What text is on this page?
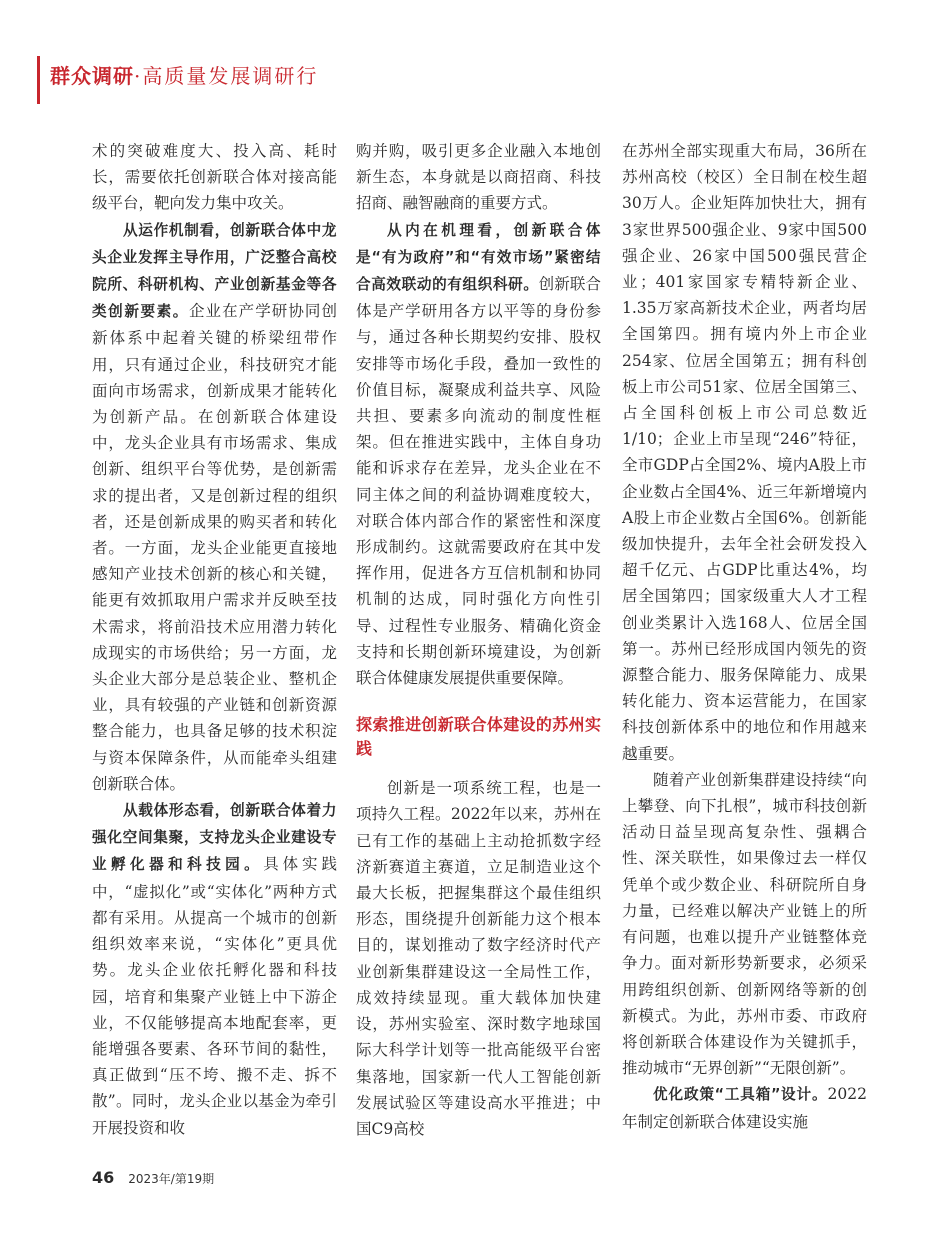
群众调研·高质量发展调研行

术的突破难度大、投入高、耗时长，需要依托创新联合体对接高能级平台，靶向发力集中攻关。

从运作机制看，创新联合体中龙头企业发挥主导作用，广泛整合高校院所、科研机构、产业创新基金等各类创新要素。企业在产学研协同创新体系中起着关键的桥梁纽带作用，只有通过企业，科技研究才能面向市场需求，创新成果才能转化为创新产品。在创新联合体建设中，龙头企业具有市场需求、集成创新、组织平台等优势，是创新需求的提出者，又是创新过程的组织者，还是创新成果的购买者和转化者。一方面，龙头企业能更直接地感知产业技术创新的核心和关键，能更有效抓取用户需求并反映至技术需求，将前沿技术应用潜力转化成现实的市场供给；另一方面，龙头企业大部分是总装企业、整机企业，具有较强的产业链和创新资源整合能力，也具备足够的技术积淀与资本保障条件，从而能牵头组建创新联合体。

从载体形态看，创新联合体着力强化空间集聚，支持龙头企业建设专业孵化器和科技园。具体实践中，“虚拟化”或“实体化”两种方式都有采用。从提高一个城市的创新组织效率来说，“实体化”更具优势。龙头企业依托孵化器和科技园，培育和集聚产业链上中下游企业，不仅能够提高本地配套率，更能增强各要素、各环节间的黏性，真正做到“压不垮、搬不走、拆不散”。同时，龙头企业以基金为牵引开展投资和收

购并购，吸引更多企业融入本地创新生态，本身就是以商招商、科技招商、融智融商的重要方式。

从内在机理看，创新联合体是“有为政府”和“有效市场”紧密结合高效联动的有组织科研。创新联合体是产学研用各方以平等的身份参与，通过各种长期契约安排、股权安排等市场化手段，叠加一致性的价值目标，凝聚成利益共享、风险共担、要素多向流动的制度性框架。但在推进实践中，主体自身功能和诉求存在差异，龙头企业在不同主体之间的利益协调难度较大，对联合体内部合作的紧密性和深度形成制约。这就需要政府在其中发挥作用，促进各方互信机制和协同机制的达成，同时强化方向性引导、过程性专业服务、精确化资金支持和长期创新环境建设，为创新联合体健康发展提供重要保障。

探索推进创新联合体建设的苏州实践

创新是一项系统工程，也是一项持久工程。2022年以来，苏州在已有工作的基础上主动抢抓数字经济新赛道主赛道，立足制造业这个最大长板，把握集群这个最佳组织形态，围绕提升创新能力这个根本目的，谋划推动了数字经济时代产业创新集群建设这一全局性工作，成效持续显现。重大载体加快建设，苏州实验室、深时数字地球国际大科学计划等一批高能级平台密集落地，国家新一代人工智能创新发展试验区等建设高水平推进；中国C9高校

在苏州全部实现重大布局，36所在苏州高校（校区）全日制在校生超30万人。企业矩阵加快壮大，拥有3家世界500强企业、9家中国500强企业、26家中国500强民营企业；401家国家专精特新企业、1.35万家高新技术企业，两者均居全国第四。拥有境内外上市企业254家、位居全国第五；拥有科创板上市公司51家、位居全国第三、占全国科创板上市公司总数近1/10；企业上市呈现“246”特征，全市GDP占全国2%、境内A股上市企业数占全国4%、近三年新增境内A股上市企业数占全国6%。创新能级加快提升，去年全社会研发投入超千亿元、占GDP比重达4%，均居全国第四；国家级重大人才工程创业类累计入选168人、位居全国第一。苏州已经形成国内领先的资源整合能力、服务保障能力、成果转化能力、资本运营能力，在国家科技创新体系中的地位和作用越来越重要。

随着产业创新集群建设持续“向上攀登、向下扎根”，城市科技创新活动日益呈现高复杂性、强耦合性、深关联性，如果像过去一样仅凭单个或少数企业、科研院所自身力量，已经难以解决产业链上的所有问题，也难以提升产业链整体竞争力。面对新形势新要求，必须采用跨组织创新、创新网络等新的创新模式。为此，苏州市委、市政府将创新联合体建设作为关键抓手，推动城市“无界创新”“无限创新”。

优化政策“工具箱”设计。2022年制定创新联合体建设实施

46 2023年/第19期
